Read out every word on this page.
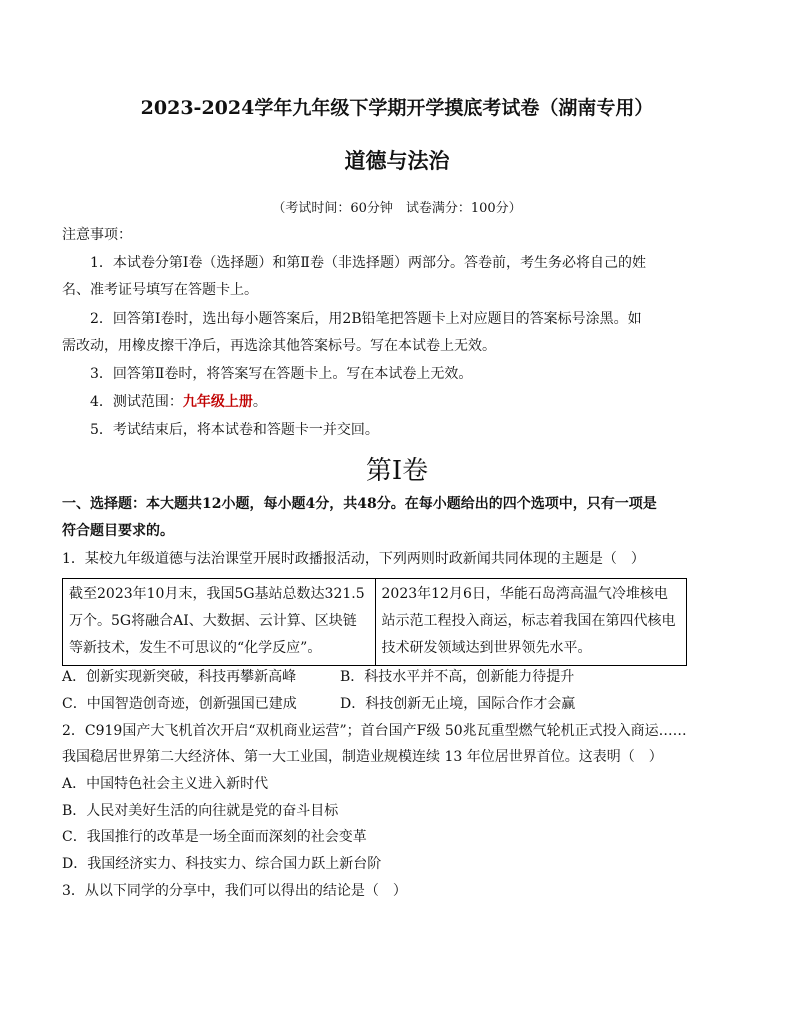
2023-2024学年九年级下学期开学摸底考试卷（湖南专用）
道德与法治
（考试时间：60分钟　试卷满分：100分）
注意事项：
1．本试卷分第Ⅰ卷（选择题）和第Ⅱ卷（非选择题）两部分。答卷前，考生务必将自己的姓
名、准考证号填写在答题卡上。
2．回答第Ⅰ卷时，选出每小题答案后，用2B铅笔把答题卡上对应题目的答案标号涂黑。如
需改动，用橡皮擦干净后，再选涂其他答案标号。写在本试卷上无效。
3．回答第Ⅱ卷时，将答案写在答题卡上。写在本试卷上无效。
4．测试范围：九年级上册。
5．考试结束后，将本试卷和答题卡一并交回。
第Ⅰ卷
一、选择题：本大题共12小题，每小题4分，共48分。在每小题给出的四个选项中，只有一项是
符合题目要求的。
1．某校九年级道德与法治课堂开展时政播报活动，下列两则时政新闻共同体现的主题是（　）
截至2023年10月末，我国5G基站总数达321.5万个。5G将融合AI、大数据、云计算、区块链等新技术，发生不可思议的“化学反应”。
2023年12月6日，华能石岛湾高温气冷堆核电站示范工程投入商运，标志着我国在第四代核电技术研发领域达到世界领先水平。
A．创新实现新突破，科技再攀新高峰	B．科技水平并不高，创新能力待提升
C．中国智造创奇迹，创新强国已建成	D．科技创新无止境，国际合作才会赢
2．C919国产大飞机首次开启“双机商业运营”；首台国产F级 50兆瓦重型燃气轮机正式投入商运……
我国稳居世界第二大经济体、第一大工业国，制造业规模连续 13 年位居世界首位。这表明（　）
A．中国特色社会主义进入新时代
B．人民对美好生活的向往就是党的奋斗目标
C．我国推行的改革是一场全面而深刻的社会变革
D．我国经济实力、科技实力、综合国力跃上新台阶
3．从以下同学的分享中，我们可以得出的结论是（　）
